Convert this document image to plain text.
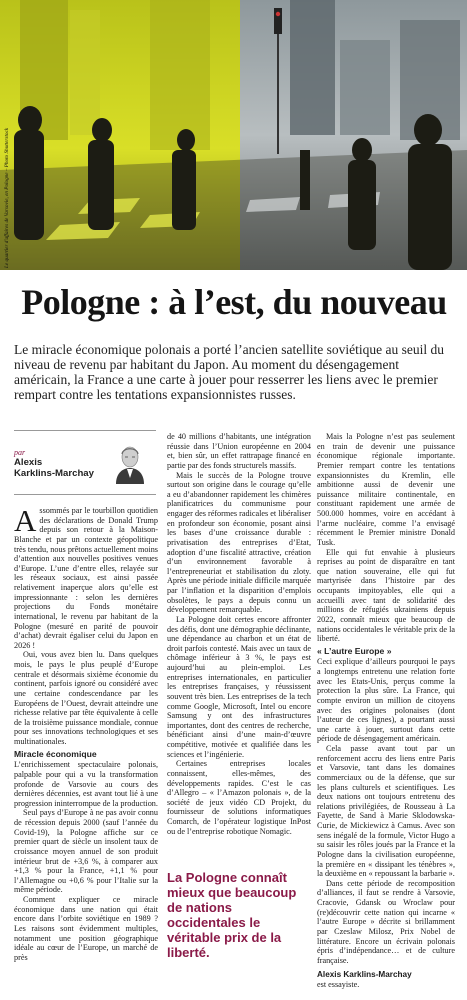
Le quartier d'affaires de Varsovie, en Pologne – Photo Shutterstock
Pologne : à l’est, du nouveau

Le miracle économique polonais a porté l’ancien satellite soviétique au seuil du niveau de revenu par habitant du Japon. Au moment du désengagement américain, la France a une carte à jouer pour resserrer les liens avec le premier rempart contre les tentations expansionnistes russes.

par
Alexis
Karklins-Marchay

Assommés par le tourbillon quotidien des déclarations de Donald Trump depuis son retour à la Maison-Blanche et par un contexte géopolitique très tendu, nous prêtons actuellement moins d’attention aux nouvelles positives venues d’Europe. L’une d’entre elles, relayée sur les réseaux sociaux, est ainsi passée relativement inaperçue alors qu’elle est impressionnante : selon les dernières projections du Fonds monétaire international, le revenu par habitant de la Pologne (mesuré en parité de pouvoir d’achat) devrait égaliser celui du Japon en 2026 !

Oui, vous avez bien lu. Dans quelques mois, le pays le plus peuplé d’Europe centrale et désormais sixième économie du continent, parfois ignoré ou considéré avec une certaine condescendance par les Européens de l’Ouest, devrait atteindre une richesse relative par tête équivalente à celle de la troisième puissance mondiale, connue pour ses innovations technologiques et ses multinationales.

Miracle économique

L’enrichissement spectaculaire polonais, palpable pour qui a vu la transformation profonde de Varsovie au cours des dernières décennies, est avant tout lié à une progression ininterrompue de la production.

Seul pays d’Europe à ne pas avoir connu de récession depuis 2000 (sauf l’année du Covid-19), la Pologne affiche sur ce premier quart de siècle un insolent taux de croissance moyen annuel de son produit intérieur brut de +3,6 %, à comparer aux +1,3 % pour la France, +1,1 % pour l’Allemagne ou +0,6 % pour l’Italie sur la même période.

Comment expliquer ce miracle économique dans une nation qui était encore dans l’orbite soviétique en 1989 ? Les raisons sont évidemment multiples, notamment une position géographique idéale au cœur de l’Europe, un marché de près

de 40 millions d’habitants, une intégration réussie dans l’Union européenne en 2004 et, bien sûr, un effet rattrapage financé en partie par des fonds structurels massifs.

Mais le succès de la Pologne trouve surtout son origine dans le courage qu’elle a eu d’abandonner rapidement les chimères planificatrices du communisme pour engager des réformes radicales et libéraliser en profondeur son économie, posant ainsi les bases d’une croissance durable : privatisation des entreprises d’Etat, adoption d’une fiscalité attractive, création d’un environnement favorable à l’entrepreneuriat et stabilisation du zloty. Après une période initiale difficile marquée par l’inflation et la disparition d’emplois obsolètes, le pays a depuis connu un développement remarquable.

La Pologne doit certes encore affronter des défis, dont une démographie déclinante, une dépendance au charbon et un état de droit parfois contesté. Mais avec un taux de chômage inférieur à 3 %, le pays est aujourd’hui au plein-emploi. Les entreprises internationales, en particulier les entreprises françaises, y réussissent souvent très bien. Les entreprises de la tech comme Google, Microsoft, Intel ou encore Samsung y ont des infrastructures importantes, dont des centres de recherche, bénéficiant ainsi d’une main-d’œuvre compétitive, motivée et qualifiée dans les sciences et l’ingénierie.

Certaines entreprises locales connaissent, elles-mêmes, des développements rapides. C’est le cas d’Allegro – « l’Amazon polonais », de la société de jeux vidéo CD Projekt, du fournisseur de solutions informatiques Comarch, de l’opérateur logistique InPost ou de l’entreprise robotique Nomagic.

La Pologne connaît mieux que beaucoup de nations occidentales le véritable prix de la liberté.

Mais la Pologne n’est pas seulement en train de devenir une puissance économique régionale importante. Premier rempart contre les tentations expansionnistes du Kremlin, elle ambitionne aussi de devenir une puissance militaire continentale, en constituant rapidement une armée de 500.000 hommes, voire en accédant à l’arme nucléaire, comme l’a envisagé récemment le Premier ministre Donald Tusk.

Elle qui fut envahie à plusieurs reprises au point de disparaître en tant que nation souveraine, elle qui fut martyrisée dans l’histoire par des occupants impitoyables, elle qui a accueilli avec tant de solidarité des millions de réfugiés ukrainiens depuis 2022, connaît mieux que beaucoup de nations occidentales le véritable prix de la liberté.

« L’autre Europe »

Ceci explique d’ailleurs pourquoi le pays a longtemps entretenu une relation forte avec les Etats-Unis, perçus comme la protection la plus sûre. La France, qui compte environ un million de citoyens avec des origines polonaises (dont l’auteur de ces lignes), a pourtant aussi une carte à jouer, surtout dans cette période de désengagement américain.

Cela passe avant tout par un renforcement accru des liens entre Paris et Varsovie, tant dans les domaines commerciaux ou de la défense, que sur les plans culturels et scientifiques. Les deux nations ont toujours entretenu des relations privilégiées, de Rousseau à La Fayette, de Sand à Marie Sklodowska-Curie, de Mickiewicz à Camus. Avec son sens inégalé de la formule, Victor Hugo a su saisir les rôles joués par la France et la Pologne dans la civilisation européenne, la première en « dissipant les ténèbres », la deuxième en « repoussant la barbarie ».

Dans cette période de recomposition d’alliances, il faut se rendre à Varsovie, Cracovie, Gdansk ou Wroclaw pour (re)découvrir cette nation qui incarne « l’autre Europe » décrite si brillamment par Czeslaw Milosz, Prix Nobel de littérature. Encore un écrivain polonais épris d’indépendance… et de culture française.

Alexis Karklins-Marchay
est essayiste.
